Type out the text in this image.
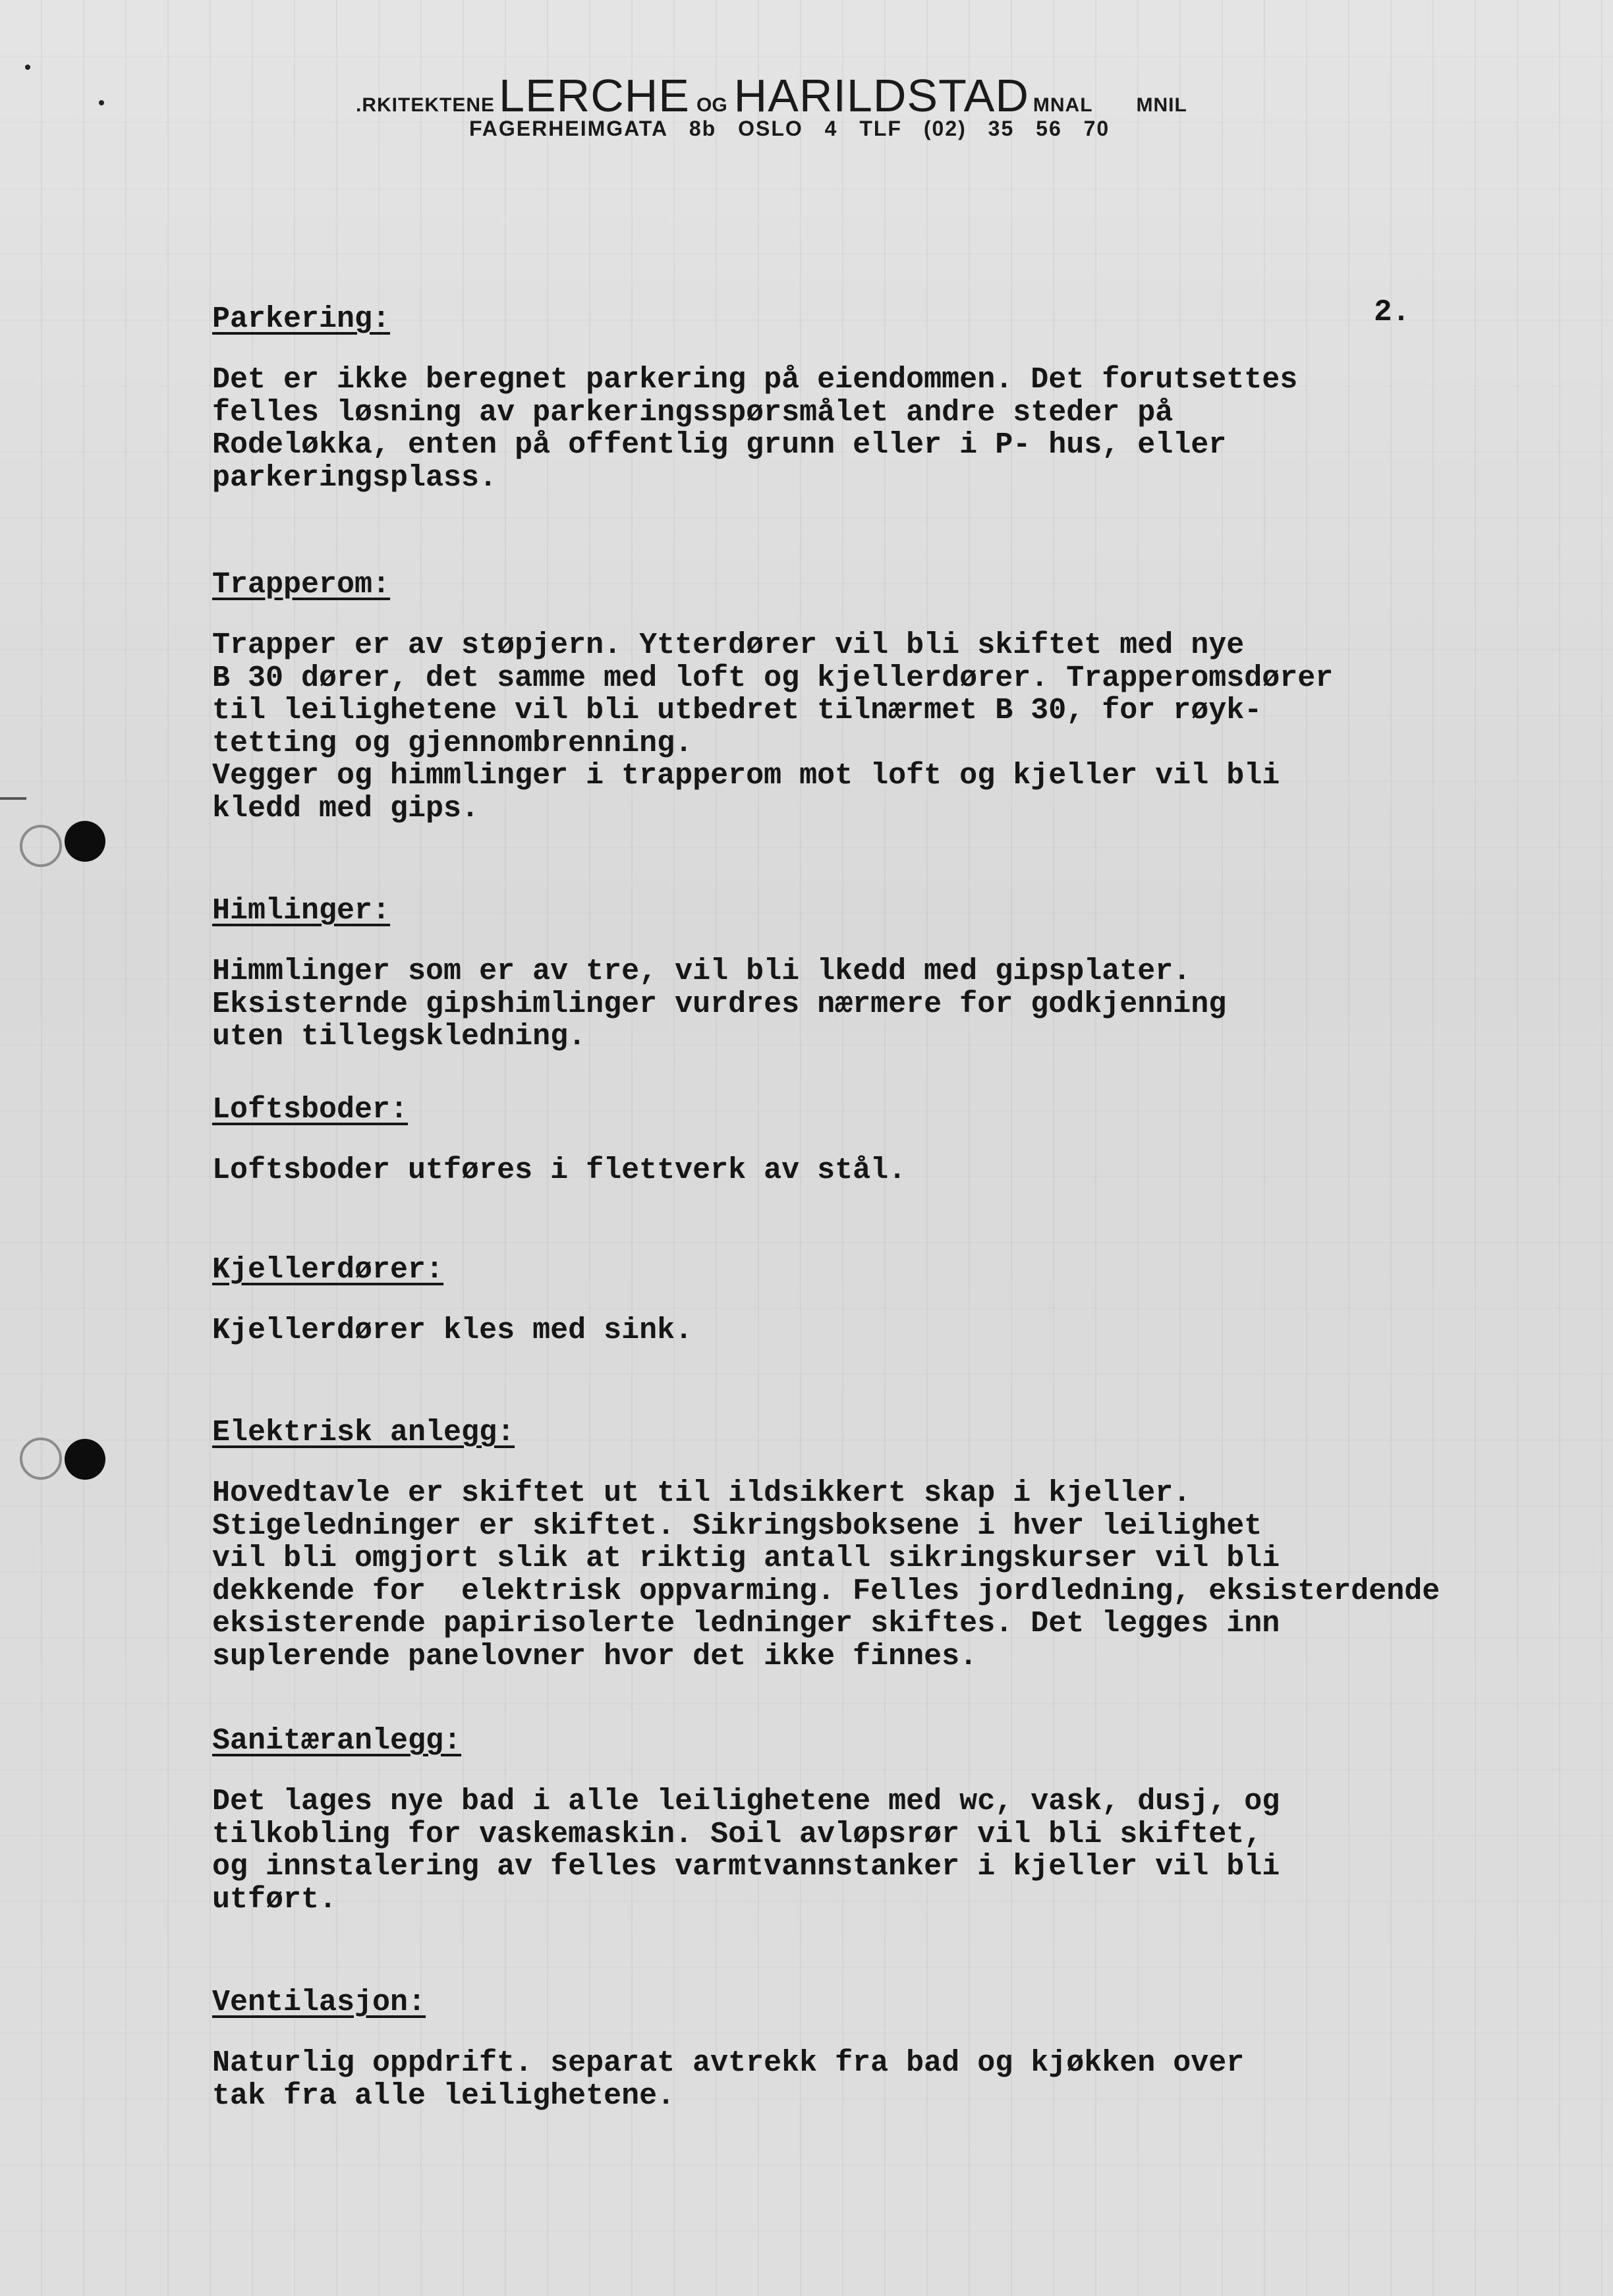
.RKITEKTENE LERCHE OG HARILDSTAD MNAL MNIL
FAGERHEIMGATA 8b OSLO 4 TLF (02) 35 56 70
2.
Parkering:
Det er ikke beregnet parkering på eiendommen. Det forutsettes
felles løsning av parkeringsspørsmålet andre steder på
Rodeløkka, enten på offentlig grunn eller i P- hus, eller
parkeringsplass.
Trapperom:
Trapper er av støpjern. Ytterdører vil bli skiftet med nye
B 30 dører, det samme med loft og kjellerdører. Trapperomsdører
til leilighetene vil bli utbedret tilnærmet B 30, for røyk-
tetting og gjennombrenning.
Vegger og himmlinger i trapperom mot loft og kjeller vil bli
kledd med gips.
Himlinger:
Himmlinger som er av tre, vil bli lkedd med gipsplater.
Eksisternde gipshimlinger vurdres nærmere for godkjenning
uten tillegskledning.
Loftsboder:
Loftsboder utføres i flettverk av stål.
Kjellerdører:
Kjellerdører kles med sink.
Elektrisk anlegg:
Hovedtavle er skiftet ut til ildsikkert skap i kjeller.
Stigeledninger er skiftet. Sikringsboksene i hver leilighet
vil bli omgjort slik at riktig antall sikringskurser vil bli
dekkende for  elektrisk oppvarming. Felles jordledning, eksisterdende
eksisterende papirisolerte ledninger skiftes. Det legges inn
suplerende panelovner hvor det ikke finnes.
Sanitæranlegg:
Det lages nye bad i alle leilighetene med wc, vask, dusj, og
tilkobling for vaskemaskin. Soil avløpsrør vil bli skiftet,
og innstalering av felles varmtvannstanker i kjeller vil bli
utført.
Ventilasjon:
Naturlig oppdrift. separat avtrekk fra bad og kjøkken over
tak fra alle leilighetene.
